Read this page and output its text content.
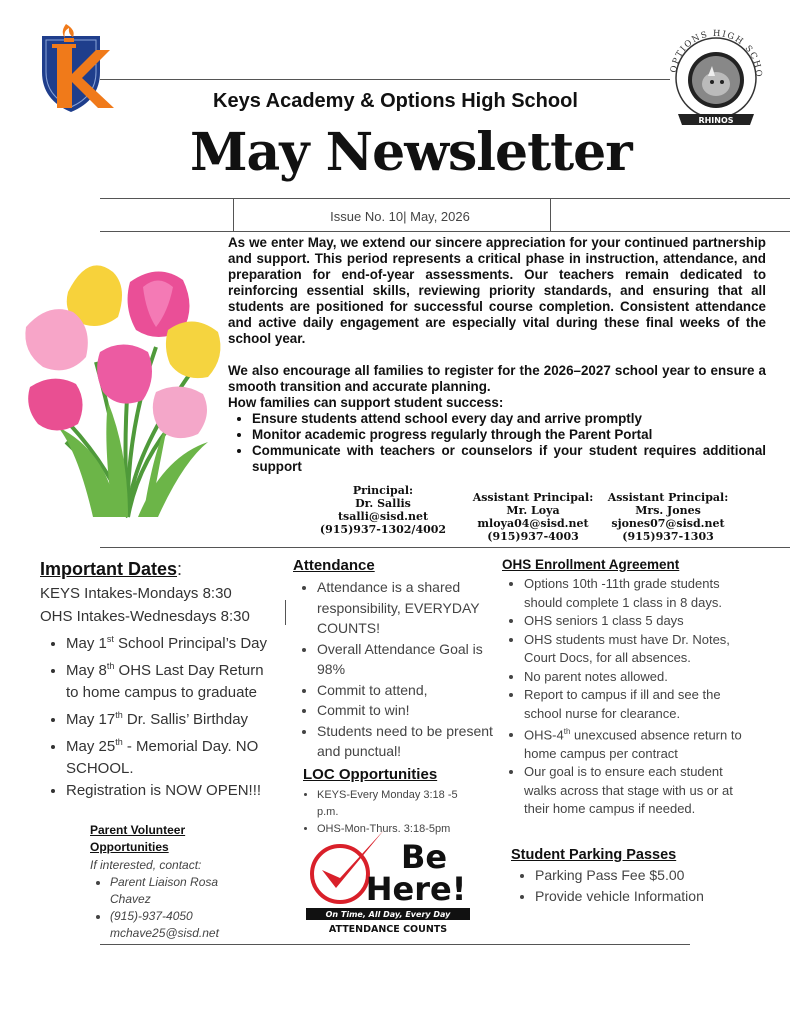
Keys Academy & Options High School
OPTIONS HIGH SCHO
RHINOS
May Newsletter
Issue No. 10| May, 2026

As we enter May, we extend our sincere appreciation for your continued partnership and support. This period represents a critical phase in instruction, attendance, and preparation for end-of-year assessments. Our teachers remain dedicated to reinforcing essential skills, reviewing priority standards, and ensuring that all students are positioned for successful course completion. Consistent attendance and active daily engagement are especially vital during these final weeks of the school year.

We also encourage all families to register for the 2026–2027 school year to ensure a smooth transition and accurate planning.

How families can support student success:

• Ensure students attend school every day and arrive promptly
• Monitor academic progress regularly through the Parent Portal
• Communicate with teachers or counselors if your student requires additional support
Principal:
Dr. Sallis
tsalli@sisd.net
(915)937-1302/4002
Assistant Principal:
Mr. Loya
mloya04@sisd.net
(915)937-4003
Assistant Principal:
Mrs. Jones
sjones07@sisd.net
(915)937-1303
Important Dates:
KEYS Intakes-Mondays 8:30
OHS Intakes-Wednesdays 8:30
• May 1st School Principal’s Day
• May 8th OHS Last Day Return to home campus to graduate
• May 17th Dr. Sallis’ Birthday
• May 25th - Memorial Day. NO SCHOOL.
• Registration is NOW OPEN!!!
Parent Volunteer Opportunities
If interested, contact:
• Parent Liaison Rosa Chavez
• (915)-937-4050 mchave25@sisd.net
Attendance
• Attendance is a shared responsibility, EVERYDAY COUNTS!
• Overall Attendance Goal is 98%
• Commit to attend,
• Commit to win!
• Students need to be present and punctual!
LOC Opportunities
• KEYS-Every Monday 3:18 -5 p.m.
• OHS-Mon-Thurs. 3:18-5pm
Be
Here!
On Time, All Day, Every Day
ATTENDANCE COUNTS
OHS Enrollment Agreement
• Options 10th -11th grade students should complete 1 class in 8 days.
• OHS seniors 1 class 5 days
• OHS students must have Dr. Notes, Court Docs, for all absences.
• No parent notes allowed.
• Report to campus if ill and see the school nurse for clearance.
• OHS-4th unexcused absence return to home campus per contract
• Our goal is to ensure each student walks across that stage with us or at their home campus if needed.
Student Parking Passes
• Parking Pass Fee $5.00
• Provide vehicle Information
